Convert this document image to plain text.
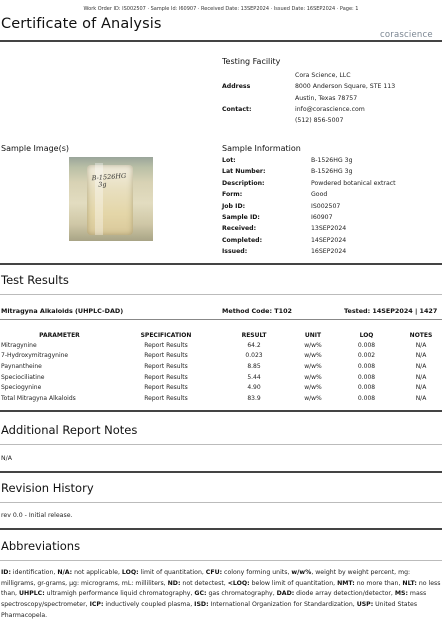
Work Order ID: IS002507 · Sample Id: I60907 · Received Date: 13SEP2024 · Issued Date: 16SEP2024 · Page: 1
Certificate of Analysis
corascience
Testing Facility
Cora Science, LLC
Address	8000 Anderson Square, STE 113
Austin, Texas 78757
Contact:	info@corascience.com
(512) 856-5007
Sample Image(s)
B-1526HG
3g
Sample Information
Lot:	B-1526HG 3g
Lat Number:	B-1526HG 3g
Description:	Powdered botanical extract
Form:	Good
Job ID:	IS002507
Sample ID:	I60907
Received:	13SEP2024
Completed:	14SEP2024
Issued:	16SEP2024
Test Results
Mitragyna Alkaloids (UHPLC-DAD)	Method Code: T102	Tested: 14SEP2024 | 1427
PARAMETER	SPECIFICATION	RESULT	UNIT	LOQ	NOTES
Mitragynine	Report Results	64.2	w/w%	0.008	N/A
7-Hydroxymitragynine	Report Results	0.023	w/w%	0.002	N/A
Paynantheine	Report Results	8.85	w/w%	0.008	N/A
Speciociliatine	Report Results	5.44	w/w%	0.008	N/A
Speciogynine	Report Results	4.90	w/w%	0.008	N/A
Total Mitragyna Alkaloids	Report Results	83.9	w/w%	0.008	N/A
Additional Report Notes
N/A
Revision History
rev 0.0 - Initial release.
Abbreviations
ID: identification, N/A: not applicable, LOQ: limit of quantitation, CFU: colony forming units, w/w%, weight by weight percent, mg: milligrams, gr-grams, μg: micrograms, mL: milliliters, ND: not detectest, <LOQ: below limit of quantitation, NMT: no more than, NLT: no less than, UHPLC: ultramigh performance liquid chromatography, GC: gas chromatography, DAD: diode array detection/detector, MS: mass spectroscopy/spectrometer, ICP: inductively coupled plasma, ISD: International Organization for Standardization, USP: United States Pharmacopela.
